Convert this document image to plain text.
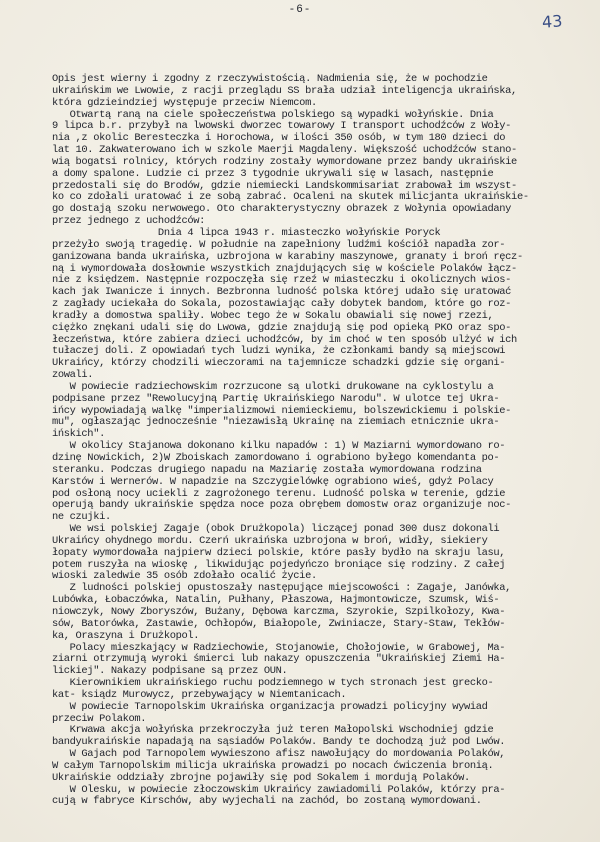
-6-
43
Opis jest wierny i zgodny z rzeczywistością. Nadmienia się, że w pochodzie
ukraińskim we Lwowie, z racji przeglądu SS brała udział inteligencja ukraińska,
która gdzieindziej występuje przeciw Niemcom.
Otwartą raną na ciele społeczeństwa polskiego są wypadki wołyńskie. Dnia
9 lipca b.r. przybył na lwowski dworzec towarowy I transport uchodźców z Woły-
nia ,z okolic Beresteczka i Horochowa, w ilości 350 osób, w tym 180 dzieci do
lat 10. Zakwaterowano ich w szkole Maerji Magdaleny. Większość uchodźców stano-
wią bogatsi rolnicy, których rodziny zostały wymordowane przez bandy ukraińskie
a domy spalone. Ludzie ci przez 3 tygodnie ukrywali się w lasach, następnie
przedostali się do Brodów, gdzie niemiecki Landskommisariat zrabował im wszyst-
ko co zdołali uratować i ze sobą zabrać. Ocaleni na skutek milicjanta ukraińskie-
go dostają szoku nerwowego. Oto charakterystyczny obrazek z Wołynia opowiadany
przez jednego z uchodźców:
Dnia 4 lipca 1943 r. miasteczko wołyńskie Poryck
przeżyło swoją tragedię. W południe na zapełniony ludźmi kościół napadła zor-
ganizowana banda ukraińska, uzbrojona w karabiny maszynowe, granaty i broń ręcz-
ną i wymordowała dosłownie wszystkich znajdujących się w kościele Polaków łącz-
nie z księdzem. Następnie rozpoczęła się rzeź w miasteczku i okolicznych wios-
kach jak Iwanicze i innych. Bezbronna ludność polska której udało się uratować
z zagłady uciekała do Sokala, pozostawiając cały dobytek bandom, które go roz-
kradły a domostwa spaliły. Wobec tego że w Sokalu obawiali się nowej rzezi,
ciężko znękani udali się do Lwowa, gdzie znajdują się pod opieką PKO oraz spo-
łeczeństwa, które zabiera dzieci uchodźców, by im choć w ten sposób ulżyć w ich
tułaczej doli. Z opowiadań tych ludzi wynika, że członkami bandy są miejscowi
Ukraińcy, którzy chodzili wieczorami na tajemnicze schadzki gdzie się organi-
zowali.
W powiecie radziechowskim rozrzucone są ulotki drukowane na cyklostylu a
podpisane przez "Rewolucyjną Partię Ukraińskiego Narodu". W ulotce tej Ukra-
ińcy wypowiadają walkę "imperializmowi niemieckiemu, bolszewickiemu i polskie-
mu", ogłaszając jednocześnie "niezawisłą Ukrainę na ziemiach etnicznie ukra-
ińskich".
W okolicy Stajanowa dokonano kilku napadów : 1) W Maziarni wymordowano ro-
dzinę Nowickich, 2)W Zboiskach zamordowano i ograbiono byłego komendanta po-
steranku. Podczas drugiego napadu na Maziarię została wymordowana rodzina
Karstów i Wernerów. W napadzie na Szczygielówkę ograbiono wieś, gdyż Polacy
pod osłoną nocy uciekli z zagrożonego terenu. Ludność polska w terenie, gdzie
operują bandy ukraińskie spędza noce poza obrębem domostw oraz organizuje noc-
ne czujki.
We wsi polskiej Zagaje (obok Drużkopola) liczącej ponad 300 dusz dokonali
Ukraińcy ohydnego mordu. Czerń ukraińska uzbrojona w broń, widły, siekiery
łopaty wymordowała najpierw dzieci polskie, które pasły bydło na skraju lasu,
potem ruszyła na wioskę , likwidując pojedyńczo broniące się rodziny. Z całej
wioski zaledwie 35 osób zdołało ocalić życie.
Z ludności polskiej opustoszały następujące miejscowości : Zagaje, Janówka,
Lubówka, Łobaczówka, Natalin, Pułhany, Płaszowa, Hajmontowicze, Szumsk, Wiś-
niowczyk, Nowy Zboryszów, Bużany, Dębowa karczma, Szyrokie, Szpilkołozy, Kwa-
sów, Batorówka, Zastawie, Ochłopów, Białopole, Zwiniacze, Stary-Staw, Tekłów-
ka, Oraszyna i Drużkopol.
Polacy mieszkający w Radziechowie, Stojanowie, Chołojowie, w Grabowej, Ma-
ziarni otrzymują wyroki śmierci lub nakazy opuszczenia "Ukraińskiej Ziemi Ha-
lickiej". Nakazy podpisane są przez OUN.
Kierownikiem ukraińskiego ruchu podziemnego w tych stronach jest grecko-
kat- ksiądz Murowycz, przebywający w Niemtanicach.
W powiecie Tarnopolskim Ukraińska organizacja prowadzi policyjny wywiad
przeciw Polakom.
Krwawa akcja wołyńska przekroczyła już teren Małopolski Wschodniej gdzie
bandyukraińskie napadają na sąsiadów Polaków. Bandy te dochodzą już pod Lwów.
W Gajach pod Tarnopolem wywieszono afisz nawołujący do mordowania Polaków,
W całym Tarnopolskim milicja ukraińska prowadzi po nocach ćwiczenia bronią.
Ukraińskie oddziały zbrojne pojawiły się pod Sokalem i mordują Polaków.
W Olesku, w powiecie złoczowskim Ukraińcy zawiadomili Polaków, którzy pra-
cują w fabryce Kirschów, aby wyjechali na zachód, bo zostaną wymordowani.
